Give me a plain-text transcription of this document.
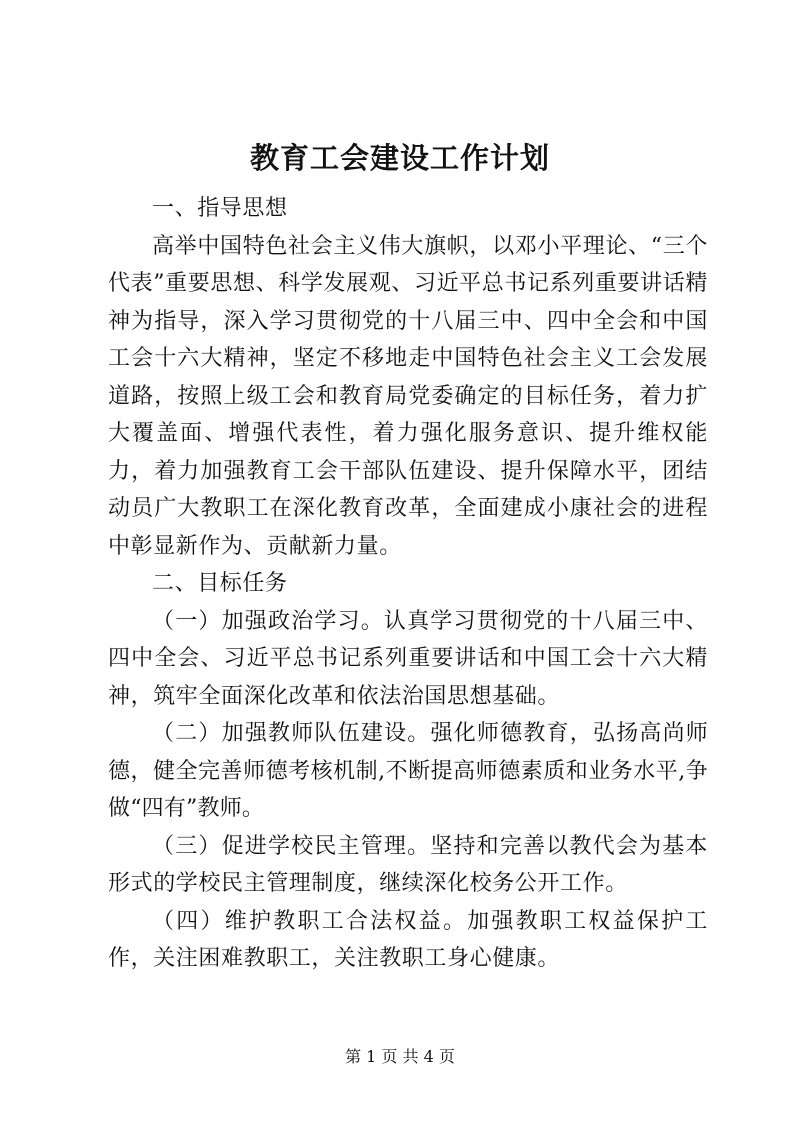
教育工会建设工作计划

一、指导思想

高举中国特色社会主义伟大旗帜，以邓小平理论、“三个代表”重要思想、科学发展观、习近平总书记系列重要讲话精神为指导，深入学习贯彻党的十八届三中、四中全会和中国工会十六大精神，坚定不移地走中国特色社会主义工会发展道路，按照上级工会和教育局党委确定的目标任务，着力扩大覆盖面、增强代表性，着力强化服务意识、提升维权能力，着力加强教育工会干部队伍建设、提升保障水平，团结动员广大教职工在深化教育改革，全面建成小康社会的进程中彰显新作为、贡献新力量。

二、目标任务

（一）加强政治学习。认真学习贯彻党的十八届三中、四中全会、习近平总书记系列重要讲话和中国工会十六大精神，筑牢全面深化改革和依法治国思想基础。

（二）加强教师队伍建设。强化师德教育，弘扬高尚师德，健全完善师德考核机制,不断提高师德素质和业务水平,争做“四有”教师。

（三）促进学校民主管理。坚持和完善以教代会为基本形式的学校民主管理制度，继续深化校务公开工作。

（四）维护教职工合法权益。加强教职工权益保护工作，关注困难教职工，关注教职工身心健康。

第 1 页 共 4 页
